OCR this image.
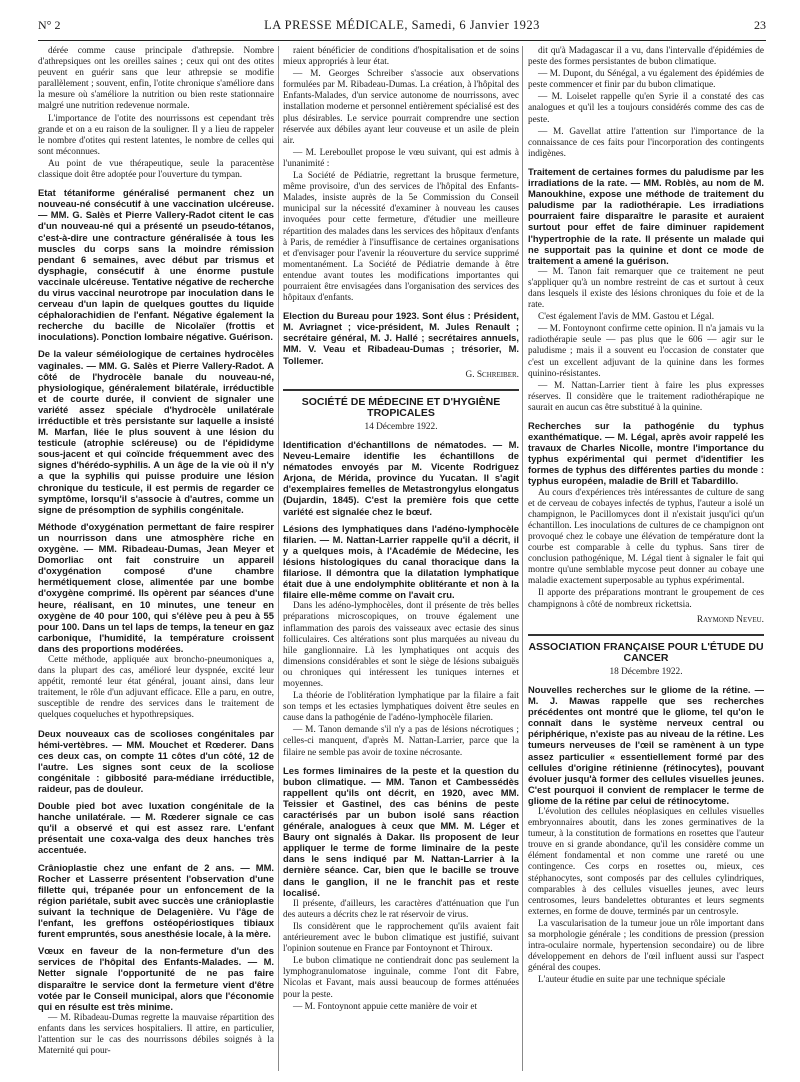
N° 2	LA PRESSE MÉDICALE, Samedi, 6 Janvier 1923	23

dérée comme cause principale d'athrepsie. Nombre d'athrepsiques ont les oreilles saines ; ceux qui ont des otites peuvent en guérir sans que leur athrepsie se modifie parallèlement ; souvent, enfin, l'otite chronique s'améliore dans la mesure où s'améliore la nutrition ou bien reste stationnaire malgré une nutrition redevenue normale.

L'importance de l'otite des nourrissons est cependant très grande et on a eu raison de la souligner. Il y a lieu de rappeler le nombre d'otites qui restent latentes, le nombre de celles qui sont méconnues.

Au point de vue thérapeutique, seule la paracentèse classique doit être adoptée pour l'ouverture du tympan.

Etat tétaniforme généralisé permanent chez un nouveau-né consécutif à une vaccination ulcéreuse. — MM. G. Salès et Pierre Vallery-Radot citent le cas d'un nouveau-né qui a présenté un pseudo-tétanos, c'est-à-dire une contracture généralisée à tous les muscles du corps sans la moindre rémission pendant 6 semaines, avec début par trismus et dysphagie, consécutif à une énorme pustule vaccinale ulcéreuse. Tentative négative de recherche du virus vaccinal neurotrope par inoculation dans le cerveau d'un lapin de quelques gouttes du liquide céphalorachidien de l'enfant. Négative également la recherche du bacille de Nicolaïer (frottis et inoculations). Ponction lombaire négative. Guérison.

De la valeur séméiologique de certaines hydrocèles vaginales. — MM. G. Salès et Pierre Vallery-Radot. A côté de l'hydrocèle banale du nouveau-né, physiologique, généralement bilatérale, irréductible et de courte durée, il convient de signaler une variété assez spéciale d'hydrocèle unilatérale irréductible et très persistante sur laquelle a insisté M. Marfan, liée le plus souvent à une lésion du testicule (atrophie scléreuse) ou de l'épididyme sous-jacent et qui coïncide fréquemment avec des signes d'hérédo-syphilis. A un âge de la vie où il n'y a que la syphilis qui puisse produire une lésion chronique du testicule, il est permis de regarder ce symptôme, lorsqu'il s'associe à d'autres, comme un signe de présomption de syphilis congénitale.

Méthode d'oxygénation permettant de faire respirer un nourrisson dans une atmosphère riche en oxygène. — MM. Ribadeau-Dumas, Jean Meyer et Domorliac ont fait construire un appareil d'oxygénation composé d'une chambre hermétiquement close, alimentée par une bombe d'oxygène comprimé. Ils opèrent par séances d'une heure, réalisant, en 10 minutes, une teneur en oxygène de 40 pour 100, qui s'élève peu à peu à 55 pour 100. Dans un tel laps de temps, la teneur en gaz carbonique, l'humidité, la température croissent dans des proportions modérées.

Cette méthode, appliquée aux broncho-pneumoniques a, dans la plupart des cas, amélioré leur dyspnée, excité leur appétit, remonté leur état général, jouant ainsi, dans leur traitement, le rôle d'un adjuvant efficace. Elle a paru, en outre, susceptible de rendre des services dans le traitement de quelques coqueluches et hypothrepsiques.

Deux nouveaux cas de scolioses congénitales par hémi-vertèbres. — MM. Mouchet et Rœderer. Dans ces deux cas, on compte 11 côtes d'un côté, 12 de l'autre. Les signes sont ceux de la scoliose congénitale : gibbosité para-médiane irréductible, raideur, pas de douleur.

Double pied bot avec luxation congénitale de la hanche unilatérale. — M. Rœderer signale ce cas qu'il a observé et qui est assez rare. L'enfant présentait une coxa-valga des deux hanches très accentuée.

Crânioplastie chez une enfant de 2 ans. — MM. Rocher et Lasserre présentent l'observation d'une fillette qui, trépanée pour un enfoncement de la région pariétale, subit avec succès une crânioplastie suivant la technique de Delagenière. Vu l'âge de l'enfant, les greffons ostéopériostiques tibiaux furent empruntés, sous anesthésie locale, à la mère.

Vœux en faveur de la non-fermeture d'un des services de l'hôpital des Enfants-Malades. — M. Netter signale l'opportunité de ne pas faire disparaître le service dont la fermeture vient d'être votée par le Conseil municipal, alors que l'économie qui en résulte est très minime.

— M. Ribadeau-Dumas regrette la mauvaise répartition des enfants dans les services hospitaliers. Il attire, en particulier, l'attention sur le cas des nourrissons débiles soignés à la Maternité qui pour-

raient bénéficier de conditions d'hospitalisation et de soins mieux appropriés à leur état.

— M. Georges Schreiber s'associe aux observations formulées par M. Ribadeau-Dumas. La création, à l'hôpital des Enfants-Malades, d'un service autonome de nourrissons, avec installation moderne et personnel entièrement spécialisé est des plus désirables. Le service pourrait comprendre une section réservée aux débiles ayant leur couveuse et un asile de plein air.

— M. Lereboullet propose le vœu suivant, qui est admis à l'unanimité :

La Société de Pédiatrie, regrettant la brusque fermeture, même provisoire, d'un des services de l'hôpital des Enfants-Malades, insiste auprès de la 5e Commission du Conseil municipal sur la nécessité d'examiner à nouveau les causes invoquées pour cette fermeture, d'étudier une meilleure répartition des malades dans les services des hôpitaux d'enfants à Paris, de remédier à l'insuffisance de certaines organisations et d'envisager pour l'avenir la réouverture du service supprimé momentanément. La Société de Pédiatrie demande à être entendue avant toutes les modifications importantes qui pourraient être envisagées dans l'organisation des services des hôpitaux d'enfants.

Election du Bureau pour 1923. Sont élus : Président, M. Avriagnet ; vice-président, M. Jules Renault ; secrétaire général, M. J. Hallé ; secrétaires annuels, MM. V. Veau et Ribadeau-Dumas ; trésorier, M. Tollemer.

G. Schreiber.

SOCIÉTÉ DE MÉDECINE ET D'HYGIÈNE TROPICALES

14 Décembre 1922.

Identification d'échantillons de nématodes. — M. Neveu-Lemaire identifie les échantillons de nématodes envoyés par M. Vicente Rodriguez Arjona, de Mérida, province du Yucatan. Il s'agit d'exemplaires femelles de Metastrongylus elongatus (Dujardin, 1845). C'est la première fois que cette variété est signalée chez le bœuf.

Lésions des lymphatiques dans l'adéno-lymphocèle filarien. — M. Nattan-Larrier rappelle qu'il a décrit, il y a quelques mois, à l'Académie de Médecine, les lésions histologiques du canal thoracique dans la filariose. Il démontra que la dilatation lymphatique était due à une endolymphite oblitérante et non à la filaire elle-même comme on l'avait cru.

Dans les adéno-lymphocèles, dont il présente de très belles préparations microscopiques, on trouve également une inflammation des parois des vaisseaux avec ectasie des sinus folliculaires. Ces altérations sont plus marquées au niveau du hile ganglionnaire. Là les lymphatiques ont acquis des dimensions considérables et sont le siège de lésions subaiguës ou chroniques qui intéressent les tuniques internes et moyennes.

La théorie de l'oblitération lymphatique par la filaire a fait son temps et les ectasies lymphatiques doivent être seules en cause dans la pathogénie de l'adéno-lymphocèle filarien.

— M. Tanon demande s'il n'y a pas de lésions nécrotiques ; celles-ci manquent, d'après M. Nattan-Larrier, parce que la filaire ne semble pas avoir de toxine nécrosante.

Les formes liminaires de la peste et la question du bubon climatique. — MM. Tanon et Cambessédès rappellent qu'ils ont décrit, en 1920, avec MM. Teissier et Gastinel, des cas bénins de peste caractérisés par un bubon isolé sans réaction générale, analogues à ceux que MM. M. Léger et Baury ont signalés à Dakar. Ils proposent de leur appliquer le terme de forme liminaire de la peste dans le sens indiqué par M. Nattan-Larrier à la dernière séance. Car, bien que le bacille se trouve dans le ganglion, il ne le franchit pas et reste localisé.

Il présente, d'ailleurs, les caractères d'atténuation que l'un des auteurs a décrits chez le rat réservoir de virus.

Ils considèrent que le rapprochement qu'ils avaient fait antérieurement avec le bubon climatique est justifié, suivant l'opinion soutenue en France par Fontoynont et Thiroux.

Le bubon climatique ne contiendrait donc pas seulement la lymphogranulomatose inguinale, comme l'ont dit Fabre, Nicolas et Favant, mais aussi beaucoup de formes atténuées pour la peste.

— M. Fontoynont appuie cette manière de voir et

dit qu'à Madagascar il a vu, dans l'intervalle d'épidémies de peste des formes persistantes de bubon climatique.

— M. Dupont, du Sénégal, a vu également des épidémies de peste commencer et finir par du bubon climatique.

— M. Loiselet rappelle qu'en Syrie il a constaté des cas analogues et qu'il les a toujours considérés comme des cas de peste.

— M. Gavellat attire l'attention sur l'importance de la connaissance de ces faits pour l'incorporation des contingents indigènes.

Traitement de certaines formes du paludisme par les irradiations de la rate. — MM. Roblès, au nom de M. Manoukhine, expose une méthode de traitement du paludisme par la radiothérapie. Les irradiations pourraient faire disparaître le parasite et auraient surtout pour effet de faire diminuer rapidement l'hypertrophie de la rate. Il présente un malade qui ne supportait pas la quinine et dont ce mode de traitement a amené la guérison.

— M. Tanon fait remarquer que ce traitement ne peut s'appliquer qu'à un nombre restreint de cas et surtout à ceux dans lesquels il existe des lésions chroniques du foie et de la rate.

C'est également l'avis de MM. Gastou et Légal.

— M. Fontoynont confirme cette opinion. Il n'a jamais vu la radiothérapie seule — pas plus que le 606 — agir sur le paludisme ; mais il a souvent eu l'occasion de constater que c'est un excellent adjuvant de la quinine dans les formes quinino-résistantes.

— M. Nattan-Larrier tient à faire les plus expresses réserves. Il considère que le traitement radiothérapique ne saurait en aucun cas être substitué à la quinine.

Recherches sur la pathogénie du typhus exanthématique. — M. Légal, après avoir rappelé les travaux de Charles Nicolle, montre l'importance du typhus expérimental qui permet d'identifier les formes de typhus des différentes parties du monde : typhus européen, maladie de Brill et Tabardillo.

Au cours d'expériences très intéressantes de culture de sang et de cerveau de cobayes infectés de typhus, l'auteur a isolé un champignon, le Pacillomyces dont il n'existait jusqu'ici qu'un échantillon. Les inoculations de cultures de ce champignon ont provoqué chez le cobaye une élévation de température dont la courbe est comparable à celle du typhus. Sans tirer de conclusion pathogénique, M. Légal tient à signaler le fait qui montre qu'une semblable mycose peut donner au cobaye une maladie exactement superposable au typhus expérimental.

Il apporte des préparations montrant le groupement de ces champignons à côté de nombreux rickettsia.

Raymond Neveu.

ASSOCIATION FRANÇAISE POUR L'ÉTUDE DU CANCER

18 Décembre 1922.

Nouvelles recherches sur le gliome de la rétine. — M. J. Mawas rappelle que ses recherches précédentes ont montré que le gliome, tel qu'on le connaît dans le système nerveux central ou périphérique, n'existe pas au niveau de la rétine. Les tumeurs nerveuses de l'œil se ramènent à un type assez particulier « essentiellement formé par des cellules d'origine rétinienne (rétinocytes), pouvant évoluer jusqu'à former des cellules visuelles jeunes. C'est pourquoi il convient de remplacer le terme de gliome de la rétine par celui de rétinocytome.

L'évolution des cellules néoplasiques en cellules visuelles embryonnaires aboutit, dans les zones germinatives de la tumeur, à la constitution de formations en rosettes que l'auteur trouve en si grande abondance, qu'il les considère comme un élément fondamental et non comme une rareté ou une contingence. Ces corps en rosettes ou, mieux, ces stéphanocytes, sont composés par des cellules cylindriques, comparables à des cellules visuelles jeunes, avec leurs centrosomes, leurs bandelettes obturantes et leurs segments externes, en forme de douve, terminés par un centrosyle.

La vascularisation de la tumeur joue un rôle important dans sa morphologie générale ; les conditions de pression (pression intra-oculaire normale, hypertension secondaire) ou de libre développement en dehors de l'œil influent aussi sur l'aspect général des coupes.

L'auteur étudie en suite par une technique spéciale
